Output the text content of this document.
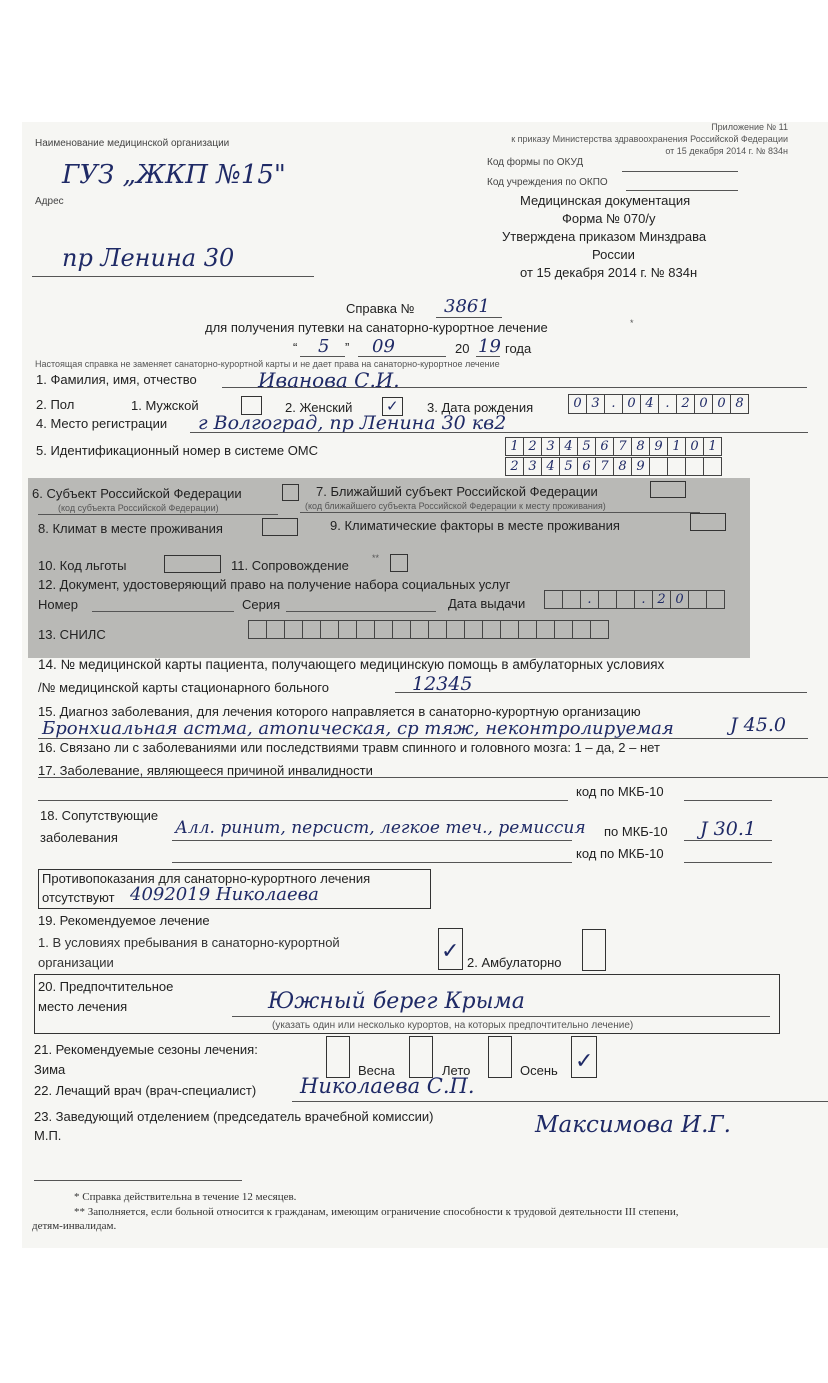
Приложение № 11
к приказу Министерства здравоохранения Российской Федерации
от 15 декабря 2014 г. № 834н
Наименование медицинской организации
ГУЗ „ЖКП №15"
Адрес
пр Ленина 30
Код формы по ОКУД
Код учреждения по ОКПО
Медицинская документация
Форма № 070/у
Утверждена приказом Минздрава
России
от 15 декабря 2014 г. № 834н
Справка № 3861
для получения путевки на санаторно-курортное лечение	*
“ 5 ” 09	20 19 года
Настоящая справка не заменяет санаторно-курортной карты и не дает права на санаторно-курортное лечение
1. Фамилия, имя, отчество	Иванова С.И.
2. Пол	1. Мужской	2. Женский ✓ 3. Дата рождения	0 3 . 0 4 . 2 0 0 8
4. Место регистрации г Волгоград, пр Ленина 30 кв2
5. Идентификационный номер в системе ОМС	1 2 3 4 5 6 7 8 9 1 0 1
2 3 4 5 6 7 8 9
6. Субъект Российской Федерации
(код субъекта Российской Федерации)
7. Ближайший субъект Российской Федерации
(код ближайшего субъекта Российской Федерации к месту проживания)
8. Климат в месте проживания	9. Климатические факторы в месте проживания
10. Код льготы	11. Сопровождение	**
12. Документ, удостоверяющий право на получение набора социальных услуг
Номер	Серия	Дата выдачи	.	. 2 0
13. СНИЛС
14. № медицинской карты пациента, получающего медицинскую помощь в амбулаторных условиях
/№ медицинской карты стационарного больного	12345
15. Диагноз заболевания, для лечения которого направляется в санаторно-курортную организацию
Бронхиальная астма, атопическая, ср тяж, неконтролируемая	J 45.0
16. Связано ли с заболеваниями или последствиями травм спинного и головного мозга: 1 – да, 2 – нет
17. Заболевание, являющееся причиной инвалидности
код по МКБ-10
18. Сопутствующие
заболевания	Алл. ринит, персист, легкое теч., ремиссия по МКБ-10 J 30.1
код по МКБ-10
Противопоказания для санаторно-курортного лечения
отсутствуют 4092019 Николаева
19. Рекомендуемое лечение
1. В условиях пребывания в санаторно-курортной
организации	✓ 2. Амбулаторно
20. Предпочтительное
место лечения	Южный берег Крыма
(указать один или несколько курортов, на которых предпочтительно лечение)
21. Рекомендуемые сезоны лечения:
Зима	Весна	Лето	Осень ✓
22. Лечащий врач (врач-специалист) Николаева С.П.
23. Заведующий отделением (председатель врачебной комиссии)	Максимова И.Г.
М.П.
* Справка действительна в течение 12 месяцев.
** Заполняется, если больной относится к гражданам, имеющим ограничение способности к трудовой деятельности III степени,
детям-инвалидам.
